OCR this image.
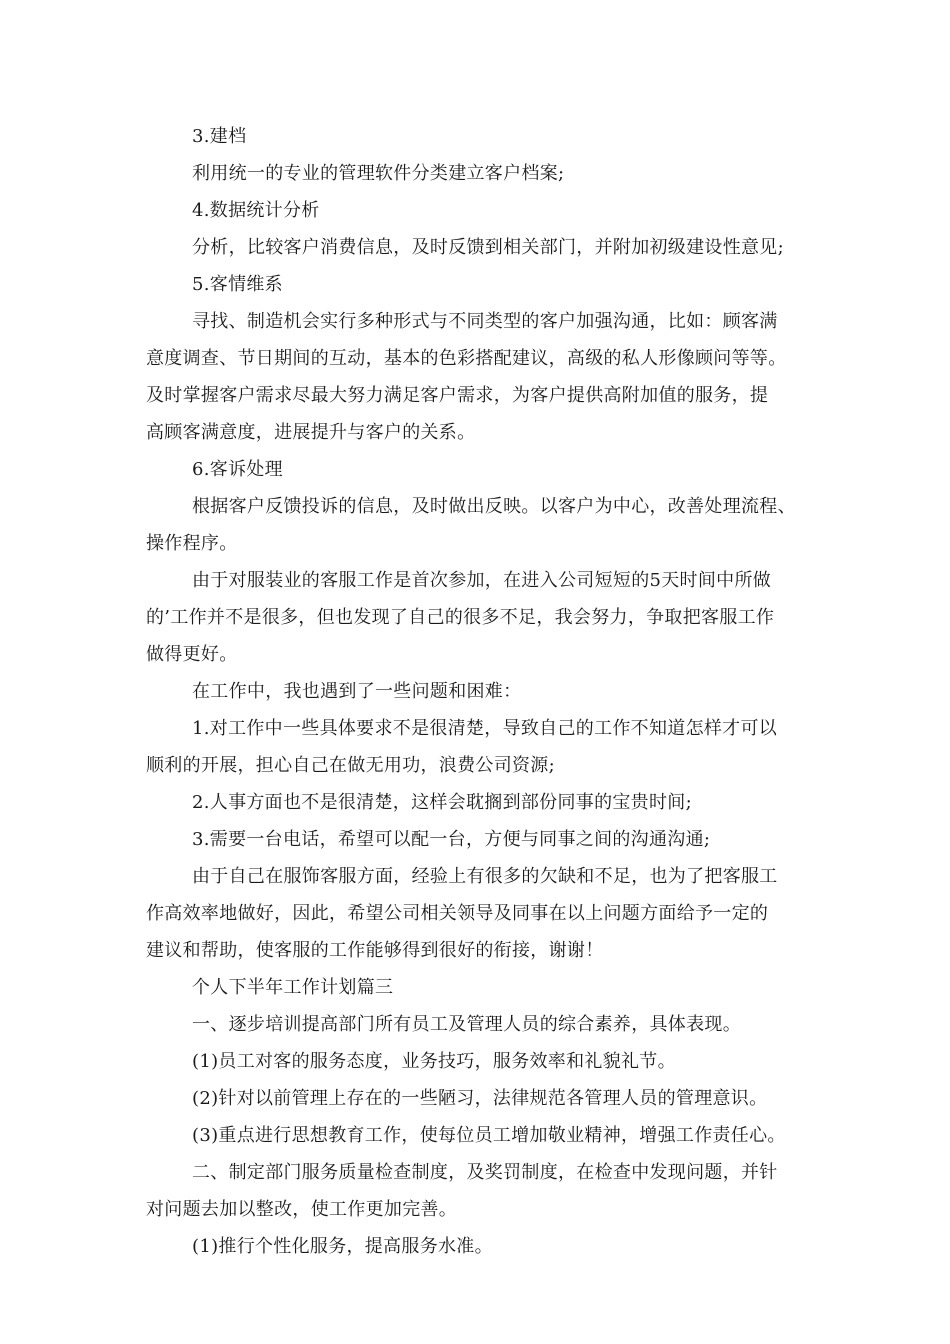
3.建档

利用统一的专业的管理软件分类建立客户档案;

4.数据统计分析

分析，比较客户消费信息，及时反馈到相关部门，并附加初级建设性意见;

5.客情维系

寻找、制造机会实行多种形式与不同类型的客户加强沟通，比如：顾客满

意度调查、节日期间的互动，基本的色彩搭配建议，高级的私人形像顾问等等。

及时掌握客户需求尽最大努力满足客户需求，为客户提供高附加值的服务，提

高顾客满意度，进展提升与客户的关系。

6.客诉处理

根据客户反馈投诉的信息，及时做出反映。以客户为中心，改善处理流程、

操作程序。

由于对服装业的客服工作是首次参加，在进入公司短短的5天时间中所做

的’工作并不是很多，但也发现了自己的很多不足，我会努力，争取把客服工作

做得更好。

在工作中，我也遇到了一些问题和困难：

1.对工作中一些具体要求不是很清楚，导致自己的工作不知道怎样才可以

顺利的开展，担心自己在做无用功，浪费公司资源;

2.人事方面也不是很清楚，这样会耽搁到部份同事的宝贵时间;

3.需要一台电话，希望可以配一台，方便与同事之间的沟通沟通;

由于自己在服饰客服方面，经验上有很多的欠缺和不足，也为了把客服工

作高效率地做好，因此，希望公司相关领导及同事在以上问题方面给予一定的

建议和帮助，使客服的工作能够得到很好的衔接，谢谢！

个人下半年工作计划篇三

一、逐步培训提高部门所有员工及管理人员的综合素养，具体表现。

(1)员工对客的服务态度，业务技巧，服务效率和礼貌礼节。

(2)针对以前管理上存在的一些陋习，法律规范各管理人员的管理意识。

(3)重点进行思想教育工作，使每位员工增加敬业精神，增强工作责任心。

二、制定部门服务质量检查制度，及奖罚制度，在检查中发现问题，并针

对问题去加以整改，使工作更加完善。

(1)推行个性化服务，提高服务水准。
